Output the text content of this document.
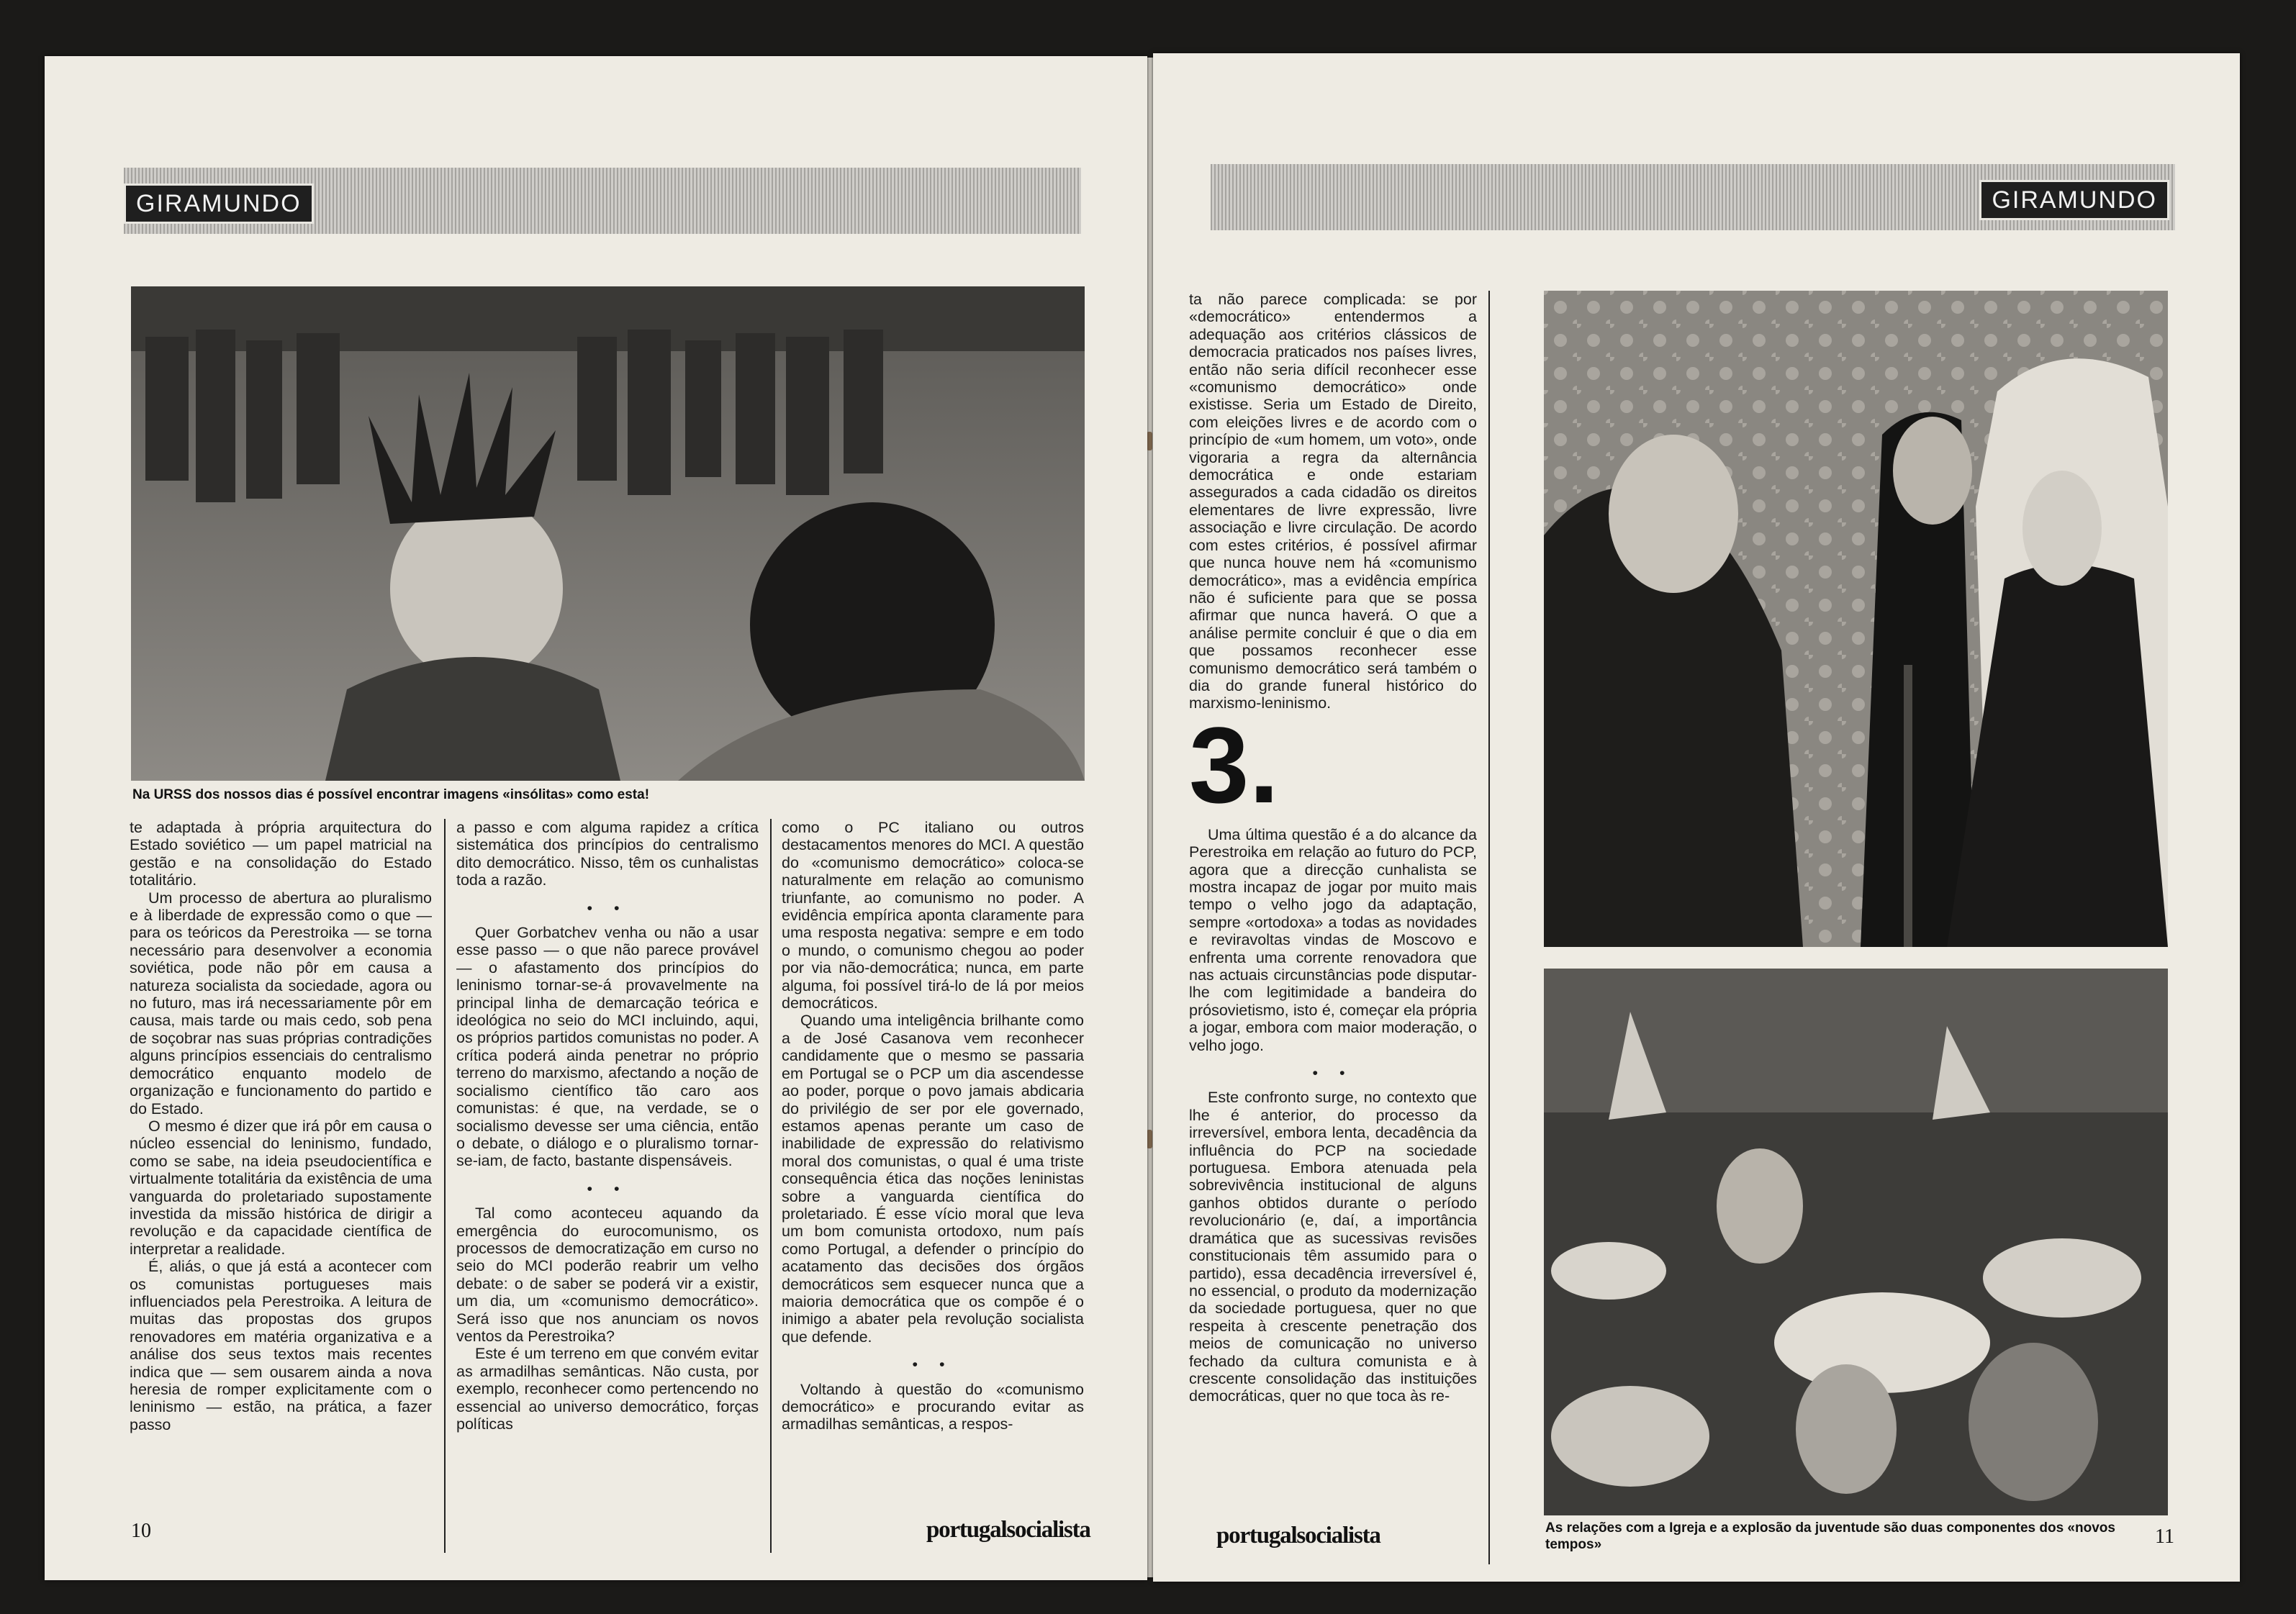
GIRAMUNDO
Na URSS dos nossos dias é possível encontrar imagens «insólitas» como esta!

te adaptada à própria arquitectura do Estado soviético — um papel matricial na gestão e na consolidação do Estado totalitário.

Um processo de abertura ao pluralismo e à liberdade de expressão como o que — para os teóricos da Perestroika — se torna necessário para desenvolver a economia soviética, pode não pôr em causa a natureza socialista da sociedade, agora ou no futuro, mas irá necessariamente pôr em causa, mais tarde ou mais cedo, sob pena de soçobrar nas suas próprias contradições alguns princípios essenciais do centralismo democrático enquanto modelo de organização e funcionamento do partido e do Estado.

O mesmo é dizer que irá pôr em causa o núcleo essencial do leninismo, fundado, como se sabe, na ideia pseudocientífica e virtualmente totalitária da existência de uma vanguarda do proletariado supostamente investida da missão histórica de dirigir a revolução e da capacidade científica de interpretar a realidade.

É, aliás, o que já está a acontecer com os comunistas portugueses mais influenciados pela Perestroika. A leitura de muitas das propostas dos grupos renovadores em matéria organizativa e a análise dos seus textos mais recentes indica que — sem ousarem ainda a nova heresia de romper explicitamente com o leninismo — estão, na prática, a fazer passo

a passo e com alguma rapidez a crítica sistemática dos princípios do centralismo dito democrático. Nisso, têm os cunhalistas toda a razão.

• •

Quer Gorbatchev venha ou não a usar esse passo — o que não parece provável — o afastamento dos princípios do leninismo tornar-se-á provavelmente na principal linha de demarcação teórica e ideológica no seio do MCI incluindo, aqui, os próprios partidos comunistas no poder. A crítica poderá ainda penetrar no próprio terreno do marxismo, afectando a noção de socialismo científico tão caro aos comunistas: é que, na verdade, se o socialismo devesse ser uma ciência, então o debate, o diálogo e o pluralismo tornar-se-iam, de facto, bastante dispensáveis.

• •

Tal como aconteceu aquando da emergência do eurocomunismo, os processos de democratização em curso no seio do MCI poderão reabrir um velho debate: o de saber se poderá vir a existir, um dia, um «comunismo democrático». Será isso que nos anunciam os novos ventos da Perestroika?

Este é um terreno em que convém evitar as armadilhas semânticas. Não custa, por exemplo, reconhecer como pertencendo no essencial ao universo democrático, forças políticas

como o PC italiano ou outros destacamentos menores do MCI. A questão do «comunismo democrático» coloca-se naturalmente em relação ao comunismo triunfante, ao comunismo no poder. A evidência empírica aponta claramente para uma resposta negativa: sempre e em todo o mundo, o comunismo chegou ao poder por via não-democrática; nunca, em parte alguma, foi possível tirá-lo de lá por meios democráticos.

Quando uma inteligência brilhante como a de José Casanova vem reconhecer candidamente que o mesmo se passaria em Portugal se o PCP um dia ascendesse ao poder, porque o povo jamais abdicaria do privilégio de ser por ele governado, estamos apenas perante um caso de inabilidade de expressão do relativismo moral dos comunistas, o qual é uma triste consequência ética das noções leninistas sobre a vanguarda científica do proletariado. É esse vício moral que leva um bom comunista ortodoxo, num país como Portugal, a defender o princípio do acatamento das decisões dos órgãos democráticos sem esquecer nunca que a maioria democrática que os compõe é o inimigo a abater pela revolução socialista que defende.

• •

Voltando à questão do «comunismo democrático» e procurando evitar as armadilhas semânticas, a respos-

10	portugalsocialista
GIRAMUNDO

ta não parece complicada: se por «democrático» entendermos a adequação aos critérios clássicos de democracia praticados nos países livres, então não seria difícil reconhecer esse «comunismo democrático» onde existisse. Seria um Estado de Direito, com eleições livres e de acordo com o princípio de «um homem, um voto», onde vigoraria a regra da alternância democrática e onde estariam assegurados a cada cidadão os direitos elementares de livre expressão, livre associação e livre circulação. De acordo com estes critérios, é possível afirmar que nunca houve nem há «comunismo democrático», mas a evidência empírica não é suficiente para que se possa afirmar que nunca haverá. O que a análise permite concluir é que o dia em que possamos reconhecer esse comunismo democrático será também o dia do grande funeral histórico do marxismo-leninismo.

3.

Uma última questão é a do alcance da Perestroika em relação ao futuro do PCP, agora que a direcção cunhalista se mostra incapaz de jogar por muito mais tempo o velho jogo da adaptação, sempre «ortodoxa» a todas as novidades e reviravoltas vindas de Moscovo e enfrenta uma corrente renovadora que nas actuais circunstâncias pode disputar-lhe com legitimidade a bandeira do prósovietismo, isto é, começar ela própria a jogar, embora com maior moderação, o velho jogo.

• •

Este confronto surge, no contexto que lhe é anterior, do processo da irreversível, embora lenta, decadência da influência do PCP na sociedade portuguesa. Embora atenuada pela sobrevivência institucional de alguns ganhos obtidos durante o período revolucionário (e, daí, a importância dramática que as sucessivas revisões constitucionais têm assumido para o partido), essa decadência irreversível é, no essencial, o produto da modernização da sociedade portuguesa, quer no que respeita à crescente penetração dos meios de comunicação no universo fechado da cultura comunista e à crescente consolidação das instituições democráticas, quer no que toca às re-

As relações com a Igreja e a explosão da juventude são duas componentes dos «novos tempos»
portugalsocialista	11
